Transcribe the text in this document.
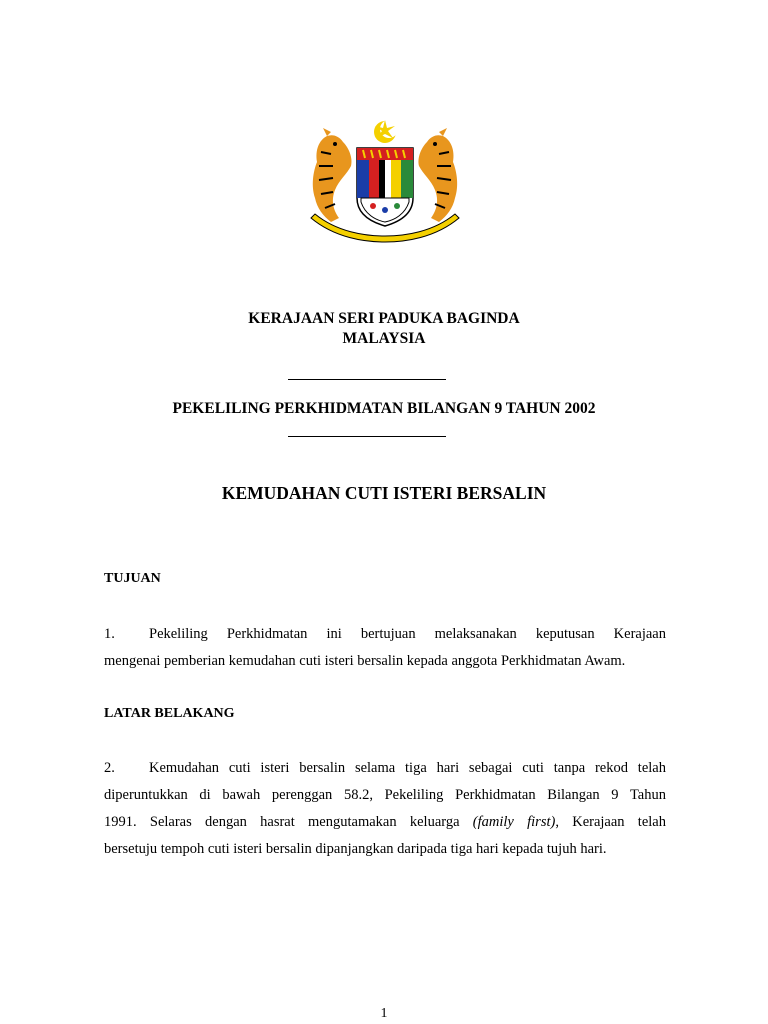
KERAJAAN SERI PADUKA BAGINDA
MALAYSIA
PEKELILING PERKHIDMATAN BILANGAN 9 TAHUN 2002
KEMUDAHAN CUTI ISTERI BERSALIN
TUJUAN
1. Pekeliling Perkhidmatan ini bertujuan melaksanakan keputusan Kerajaan
mengenai pemberian kemudahan cuti isteri bersalin kepada anggota Perkhidmatan Awam.
LATAR BELAKANG
2. Kemudahan cuti isteri bersalin selama tiga hari sebagai cuti tanpa rekod telah
diperuntukkan di bawah perenggan 58.2, Pekeliling Perkhidmatan Bilangan 9 Tahun
1991. Selaras dengan hasrat mengutamakan keluarga (family first), Kerajaan telah
bersetuju tempoh cuti isteri bersalin dipanjangkan daripada tiga hari kepada tujuh hari.
1
